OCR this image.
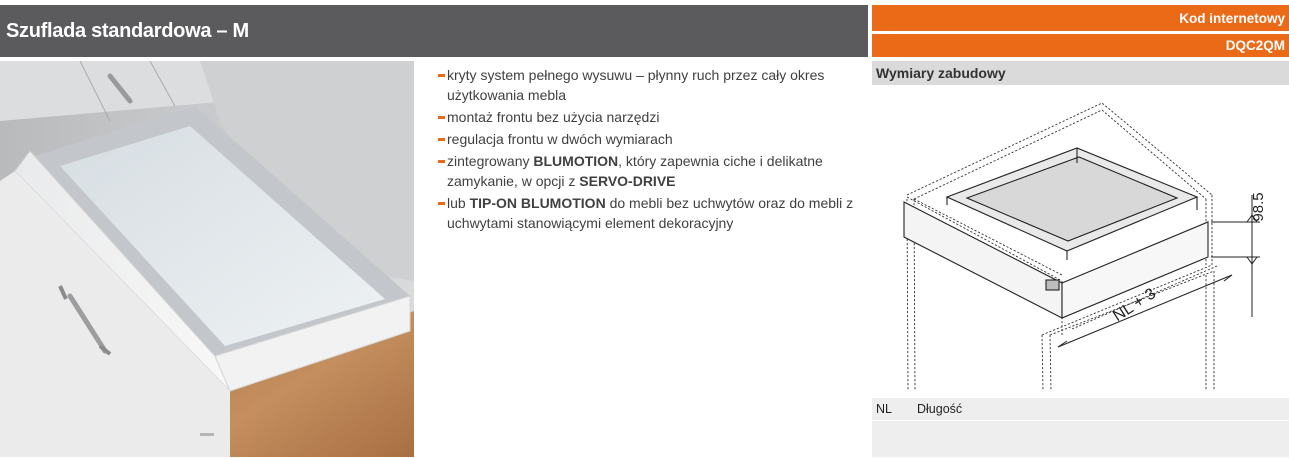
Szuflada standardowa – M
Kod internetowy
DQC2QM
kryty system pełnego wysuwu – płynny ruch przez cały okres użytkowania mebla
montaż frontu bez użycia narzędzi
regulacja frontu w dwóch wymiarach
zintegrowany BLUMOTION, który zapewnia ciche i delikatne zamykanie, w opcji z SERVO-DRIVE
lub TIP-ON BLUMOTION do mebli bez uchwytów oraz do mebli z uchwytami stanowiącymi element dekoracyjny
Wymiary zabudowy
98.5
NL + 3
NL Długość
